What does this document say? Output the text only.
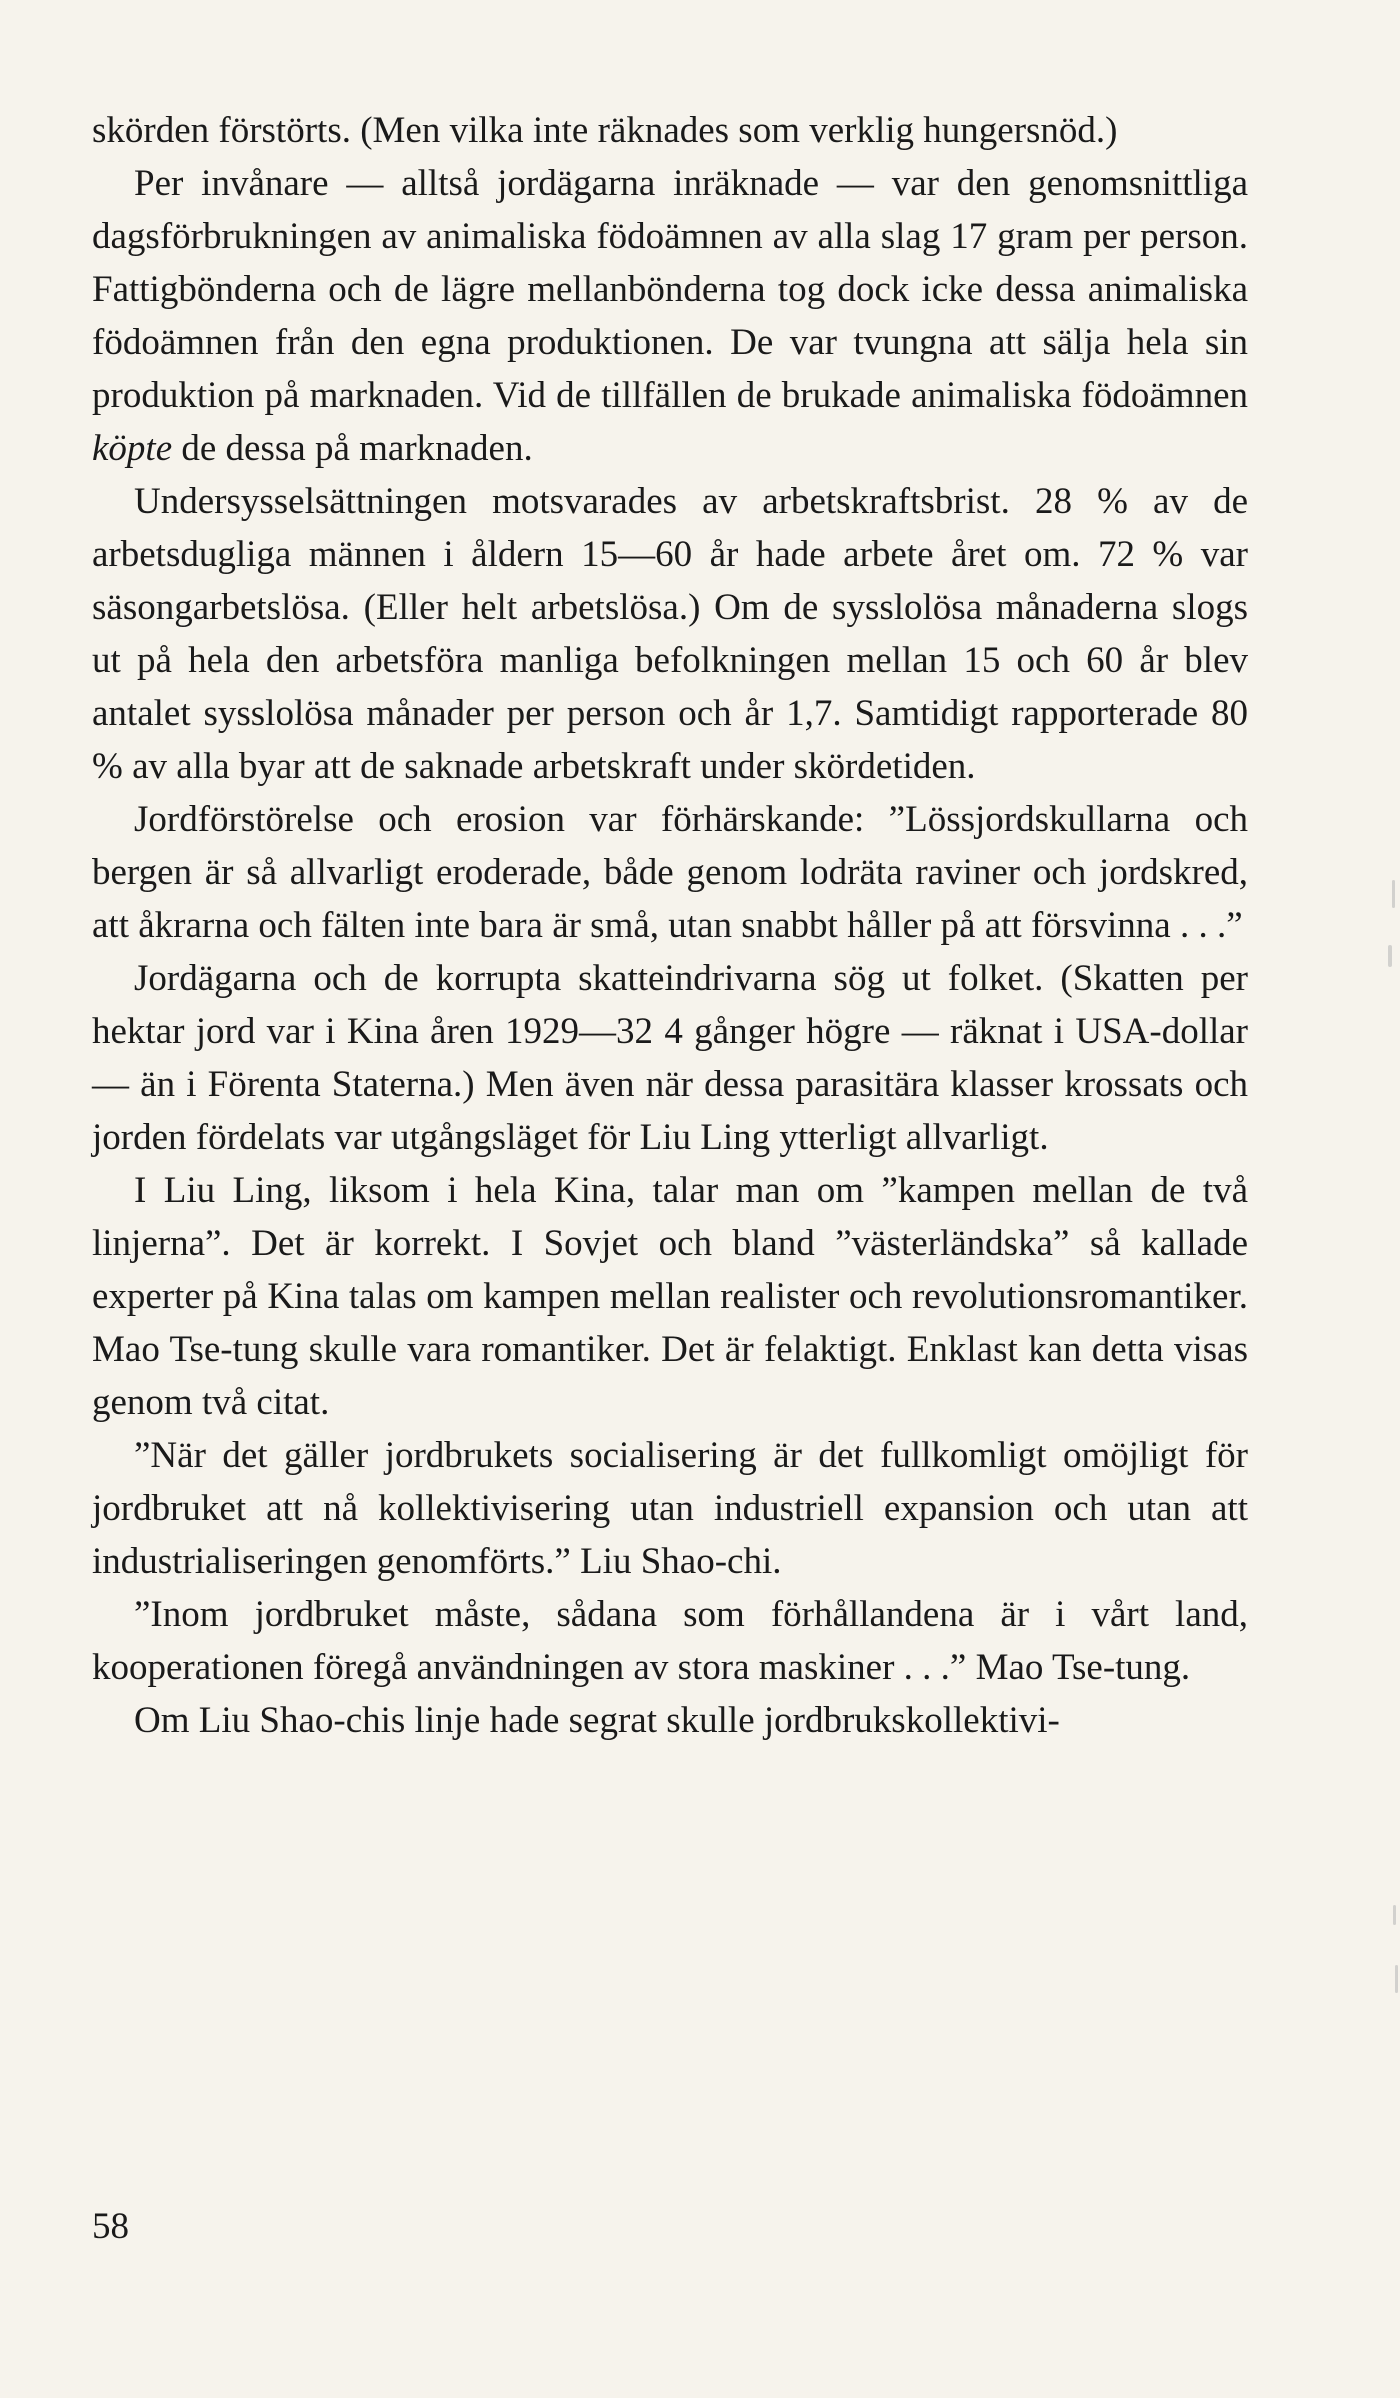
skörden förstörts. (Men vilka inte räknades som verklig hungersnöd.)

Per invånare — alltså jordägarna inräknade — var den genomsnittliga dagsförbrukningen av animaliska födoämnen av alla slag 17 gram per person. Fattigbönderna och de lägre mellanbönderna tog dock icke dessa animaliska födoämnen från den egna produktionen. De var tvungna att sälja hela sin produktion på marknaden. Vid de tillfällen de brukade animaliska födoämnen köpte de dessa på marknaden.

Undersysselsättningen motsvarades av arbetskraftsbrist. 28 % av de arbetsdugliga männen i åldern 15—60 år hade arbete året om. 72 % var säsongarbetslösa. (Eller helt arbetslösa.) Om de sysslolösa månaderna slogs ut på hela den arbetsföra manliga befolkningen mellan 15 och 60 år blev antalet sysslolösa månader per person och år 1,7. Samtidigt rapporterade 80 % av alla byar att de saknade arbetskraft under skördetiden.

Jordförstörelse och erosion var förhärskande: ”Lössjordskullarna och bergen är så allvarligt eroderade, både genom lodräta raviner och jordskred, att åkrarna och fälten inte bara är små, utan snabbt håller på att försvinna . . .”

Jordägarna och de korrupta skatteindrivarna sög ut folket. (Skatten per hektar jord var i Kina åren 1929—32 4 gånger högre — räknat i USA-dollar — än i Förenta Staterna.) Men även när dessa parasitära klasser krossats och jorden fördelats var utgångsläget för Liu Ling ytterligt allvarligt.

I Liu Ling, liksom i hela Kina, talar man om ”kampen mellan de två linjerna”. Det är korrekt. I Sovjet och bland ”västerländska” så kallade experter på Kina talas om kampen mellan realister och revolutionsromantiker. Mao Tse-tung skulle vara romantiker. Det är felaktigt. Enklast kan detta visas genom två citat.

”När det gäller jordbrukets socialisering är det fullkomligt omöjligt för jordbruket att nå kollektivisering utan industriell expansion och utan att industrialiseringen genomförts.” Liu Shao-chi.

”Inom jordbruket måste, sådana som förhållandena är i vårt land, kooperationen föregå användningen av stora maskiner . . .” Mao Tse-tung.

Om Liu Shao-chis linje hade segrat skulle jordbrukskollektivi-

58
